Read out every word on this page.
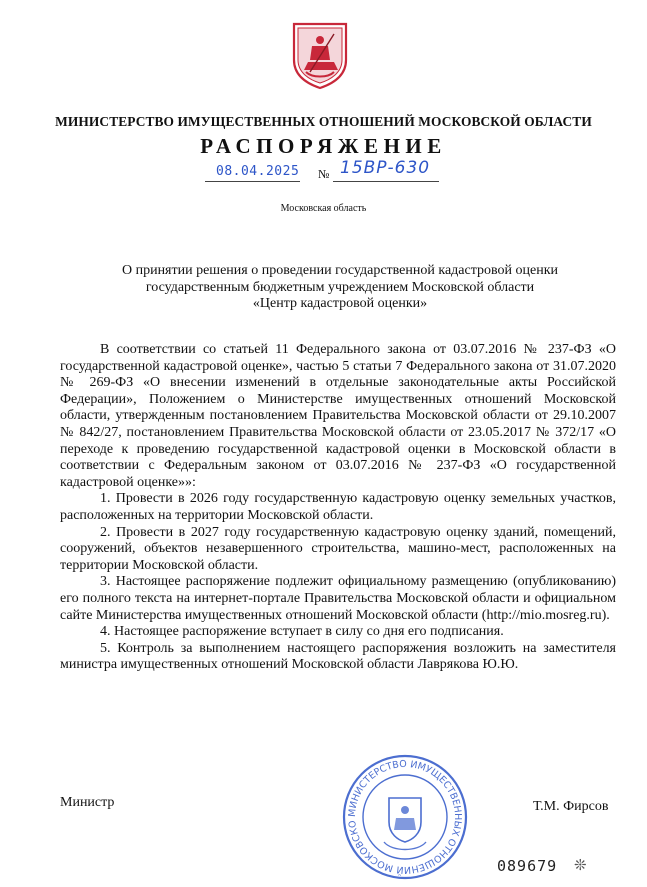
МИНИСТЕРСТВО ИМУЩЕСТВЕННЫХ ОТНОШЕНИЙ МОСКОВСКОЙ ОБЛАСТИ
РАСПОРЯЖЕНИЕ
08.04.2025 № 15ВР-630
Московская область
О принятии решения о проведении государственной кадастровой оценки
государственным бюджетным учреждением Московской области
«Центр кадастровой оценки»

В соответствии со статьей 11 Федерального закона от 03.07.2016 № 237-ФЗ «О государственной кадастровой оценке», частью 5 статьи 7 Федерального закона от 31.07.2020 № 269-ФЗ «О внесении изменений в отдельные законодательные акты Российской Федерации», Положением о Министерстве имущественных отношений Московской области, утвержденным постановлением Правительства Московской области от 29.10.2007 № 842/27, постановлением Правительства Московской области от 23.05.2017 № 372/17 «О переходе к проведению государственной кадастровой оценки в Московской области в соответствии с Федеральным законом от 03.07.2016 № 237-ФЗ «О государственной кадастровой оценке»»:

1. Провести в 2026 году государственную кадастровую оценку земельных участков, расположенных на территории Московской области.

2. Провести в 2027 году государственную кадастровую оценку зданий, помещений, сооружений, объектов незавершенного строительства, машино-мест, расположенных на территории Московской области.

3. Настоящее распоряжение подлежит официальному размещению (опубликованию) его полного текста на интернет-портале Правительства Московской области и официальном сайте Министерства имущественных отношений Московской области (http://mio.mosreg.ru).

4. Настоящее распоряжение вступает в силу со дня его подписания.

5. Контроль за выполнением настоящего распоряжения возложить на заместителя министра имущественных отношений Московской области Лаврякова Ю.Ю.

Министр
МИНИСТЕРСТВО ИМУЩЕСТВЕННЫХ ОТНОШЕНИЙ МОСКОВСКО
Т.М. Фирсов
089679 ❊
